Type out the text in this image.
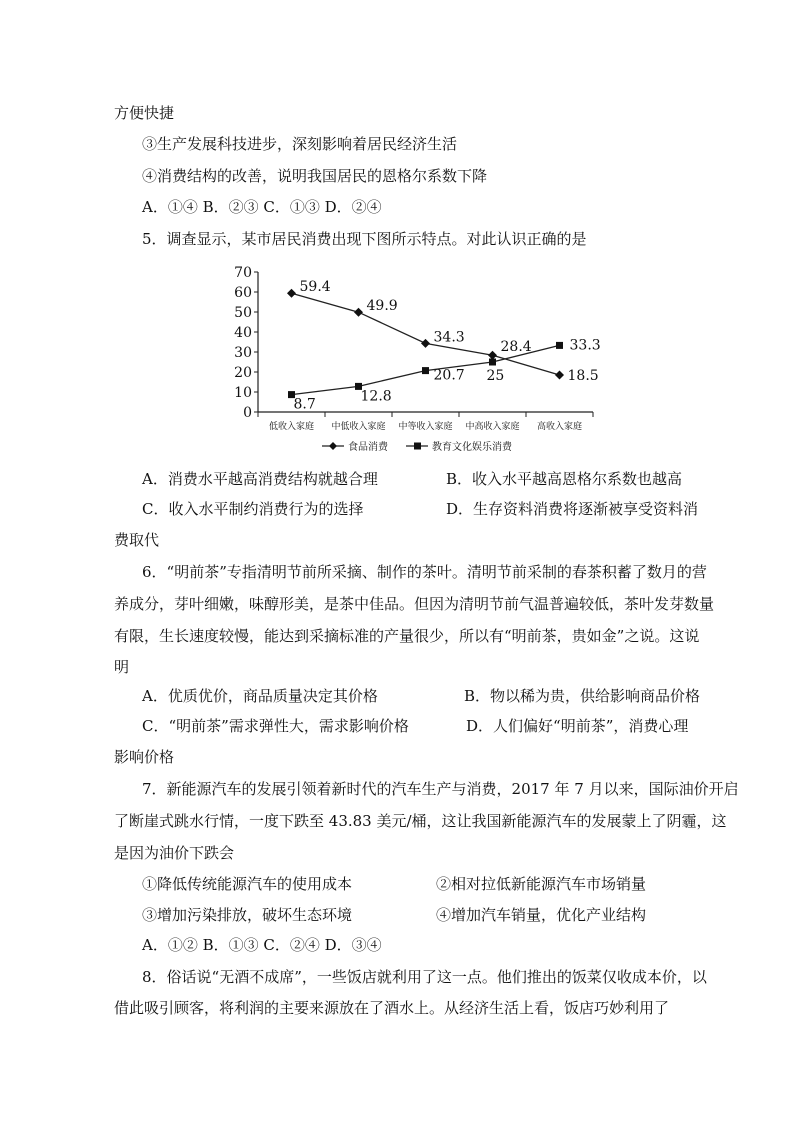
方便快捷
③生产发展科技进步，深刻影响着居民经济生活
④消费结构的改善，说明我国居民的恩格尔系数下降
A．①④ B．②③ C．①③ D．②④
5．调查显示，某市居民消费出现下图所示特点。对此认识正确的是
0
10
20
30
40
50
60
70
低收入家庭 中低收入家庭 中等收入家庭 中高收入家庭 高收入家庭
59.4
49.9
34.3
28.4
18.5
8.7
12.8
20.7 25
33.3
食品消费	教育文化娱乐消费
A．消费水平越高消费结构就越合理	B．收入水平越高恩格尔系数也越高
C．收入水平制约消费行为的选择	D．生存资料消费将逐渐被享受资料消
费取代
6．“明前茶”专指清明节前所采摘、制作的茶叶。清明节前采制的春茶积蓄了数月的营
养成分，芽叶细嫩，味醇形美，是茶中佳品。但因为清明节前气温普遍较低，茶叶发芽数量
有限，生长速度较慢，能达到采摘标准的产量很少，所以有“明前茶，贵如金”之说。这说
明
A．优质优价，商品质量决定其价格	B．物以稀为贵，供给影响商品价格
C．“明前茶”需求弹性大，需求影响价格	D．人们偏好“明前茶”，消费心理
影响价格
7．新能源汽车的发展引领着新时代的汽车生产与消费，2017 年 7 月以来，国际油价开启
了断崖式跳水行情，一度下跌至 43.83 美元/桶，这让我国新能源汽车的发展蒙上了阴霾，这
是因为油价下跌会
①降低传统能源汽车的使用成本	②相对拉低新能源汽车市场销量
③增加污染排放，破坏生态环境	④增加汽车销量，优化产业结构
A．①② B．①③ C．②④ D．③④
8．俗话说“无酒不成席”，一些饭店就利用了这一点。他们推出的饭菜仅收成本价，以
借此吸引顾客，将利润的主要来源放在了酒水上。从经济生活上看，饭店巧妙利用了
